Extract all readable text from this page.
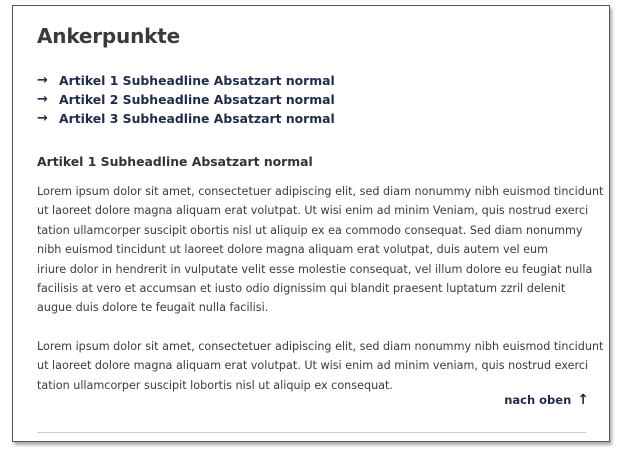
Ankerpunkte
→ Artikel 1 Subheadline Absatzart normal
→ Artikel 2 Subheadline Absatzart normal
→ Artikel 3 Subheadline Absatzart normal
Artikel 1 Subheadline Absatzart normal

Lorem ipsum dolor sit amet, consectetuer adipiscing elit, sed diam nonummy nibh euismod tincidunt
ut laoreet dolore magna aliquam erat volutpat. Ut wisi enim ad minim Veniam, quis nostrud exerci
tation ullamcorper suscipit obortis nisl ut aliquip ex ea commodo consequat. Sed diam nonummy
nibh euismod tincidunt ut laoreet dolore magna aliquam erat volutpat, duis autem vel eum
iriure dolor in hendrerit in vulputate velit esse molestie consequat, vel illum dolore eu feugiat nulla
facilisis at vero et accumsan et iusto odio dignissim qui blandit praesent luptatum zzril delenit
augue duis dolore te feugait nulla facilisi.

Lorem ipsum dolor sit amet, consectetuer adipiscing elit, sed diam nonummy nibh euismod tincidunt
ut laoreet dolore magna aliquam erat volutpat. Ut wisi enim ad minim veniam, quis nostrud exerci
tation ullamcorper suscipit lobortis nisl ut aliquip ex consequat.

nach oben ↑
